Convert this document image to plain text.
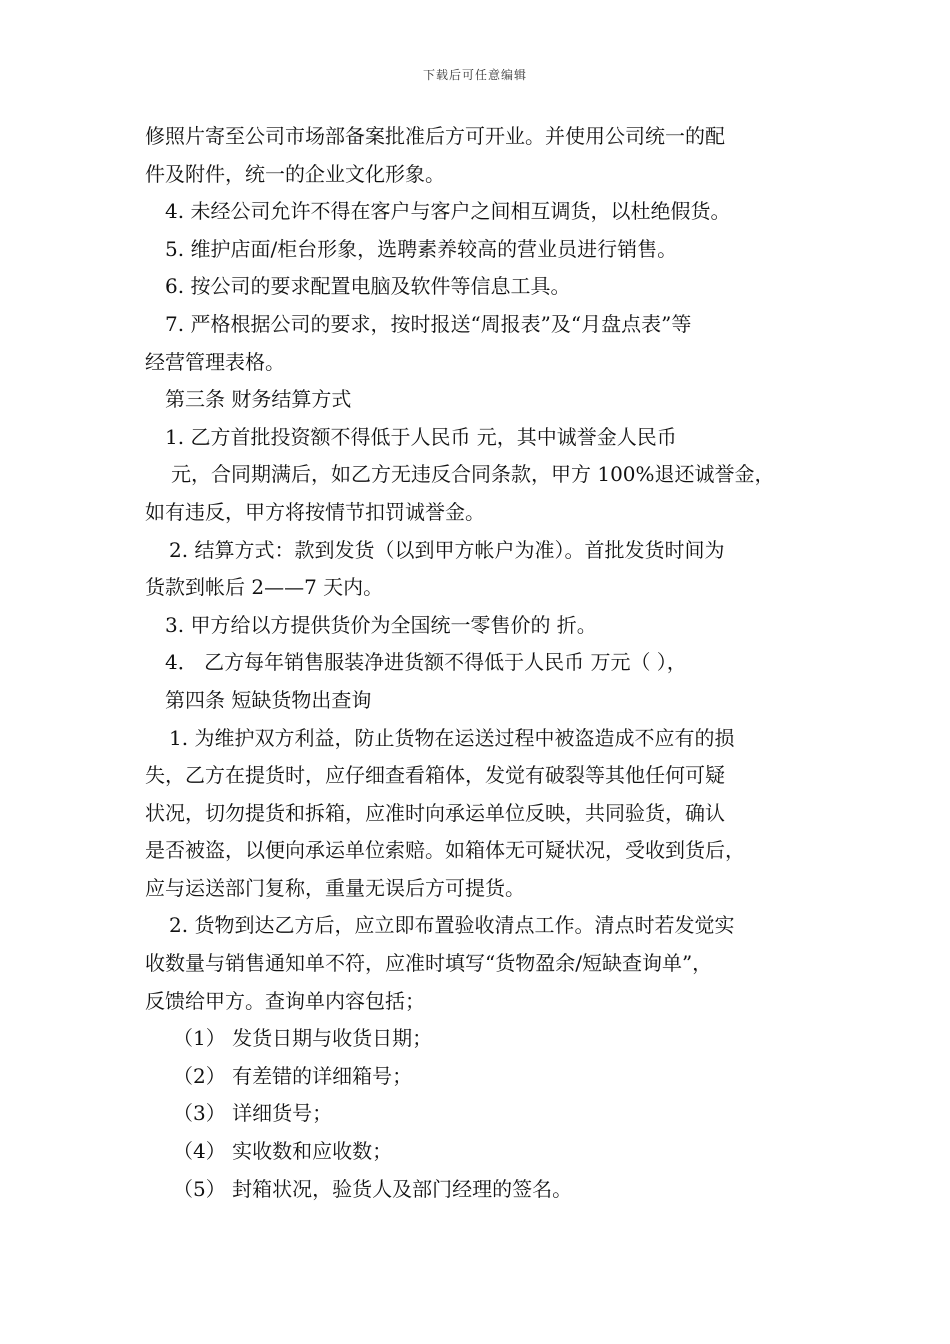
下载后可任意编辑
修照片寄至公司市场部备案批准后方可开业。并使用公司统一的配
件及附件，统一的企业文化形象。
4. 未经公司允许不得在客户与客户之间相互调货，以杜绝假货。
5. 维护店面/柜台形象，选聘素养较高的营业员进行销售。
6. 按公司的要求配置电脑及软件等信息工具。
7. 严格根据公司的要求，按时报送“周报表”及“月盘点表”等
经营管理表格。
第三条 财务结算方式
1. 乙方首批投资额不得低于人民币 元，其中诚誉金人民币
元，合同期满后，如乙方无违反合同条款，甲方 100%退还诚誉金，
如有违反，甲方将按情节扣罚诚誉金。
2. 结算方式：款到发货（以到甲方帐户为准）。首批发货时间为
货款到帐后 2——7 天内。
3. 甲方给以方提供货价为全国统一零售价的 折。
4． 乙方每年销售服装净进货额不得低于人民币 万元（ ），
第四条 短缺货物出查询
1. 为维护双方利益，防止货物在运送过程中被盗造成不应有的损
失，乙方在提货时，应仔细查看箱体，发觉有破裂等其他任何可疑
状况，切勿提货和拆箱，应准时向承运单位反映，共同验货，确认
是否被盗，以便向承运单位索赔。如箱体无可疑状况，受收到货后，
应与运送部门复称，重量无误后方可提货。
2. 货物到达乙方后，应立即布置验收清点工作。清点时若发觉实
收数量与销售通知单不符，应准时填写“货物盈余/短缺查询单”，
反馈给甲方。查询单内容包括；
（1） 发货日期与收货日期；
（2） 有差错的详细箱号；
（3） 详细货号；
（4） 实收数和应收数；
（5） 封箱状况，验货人及部门经理的签名。
